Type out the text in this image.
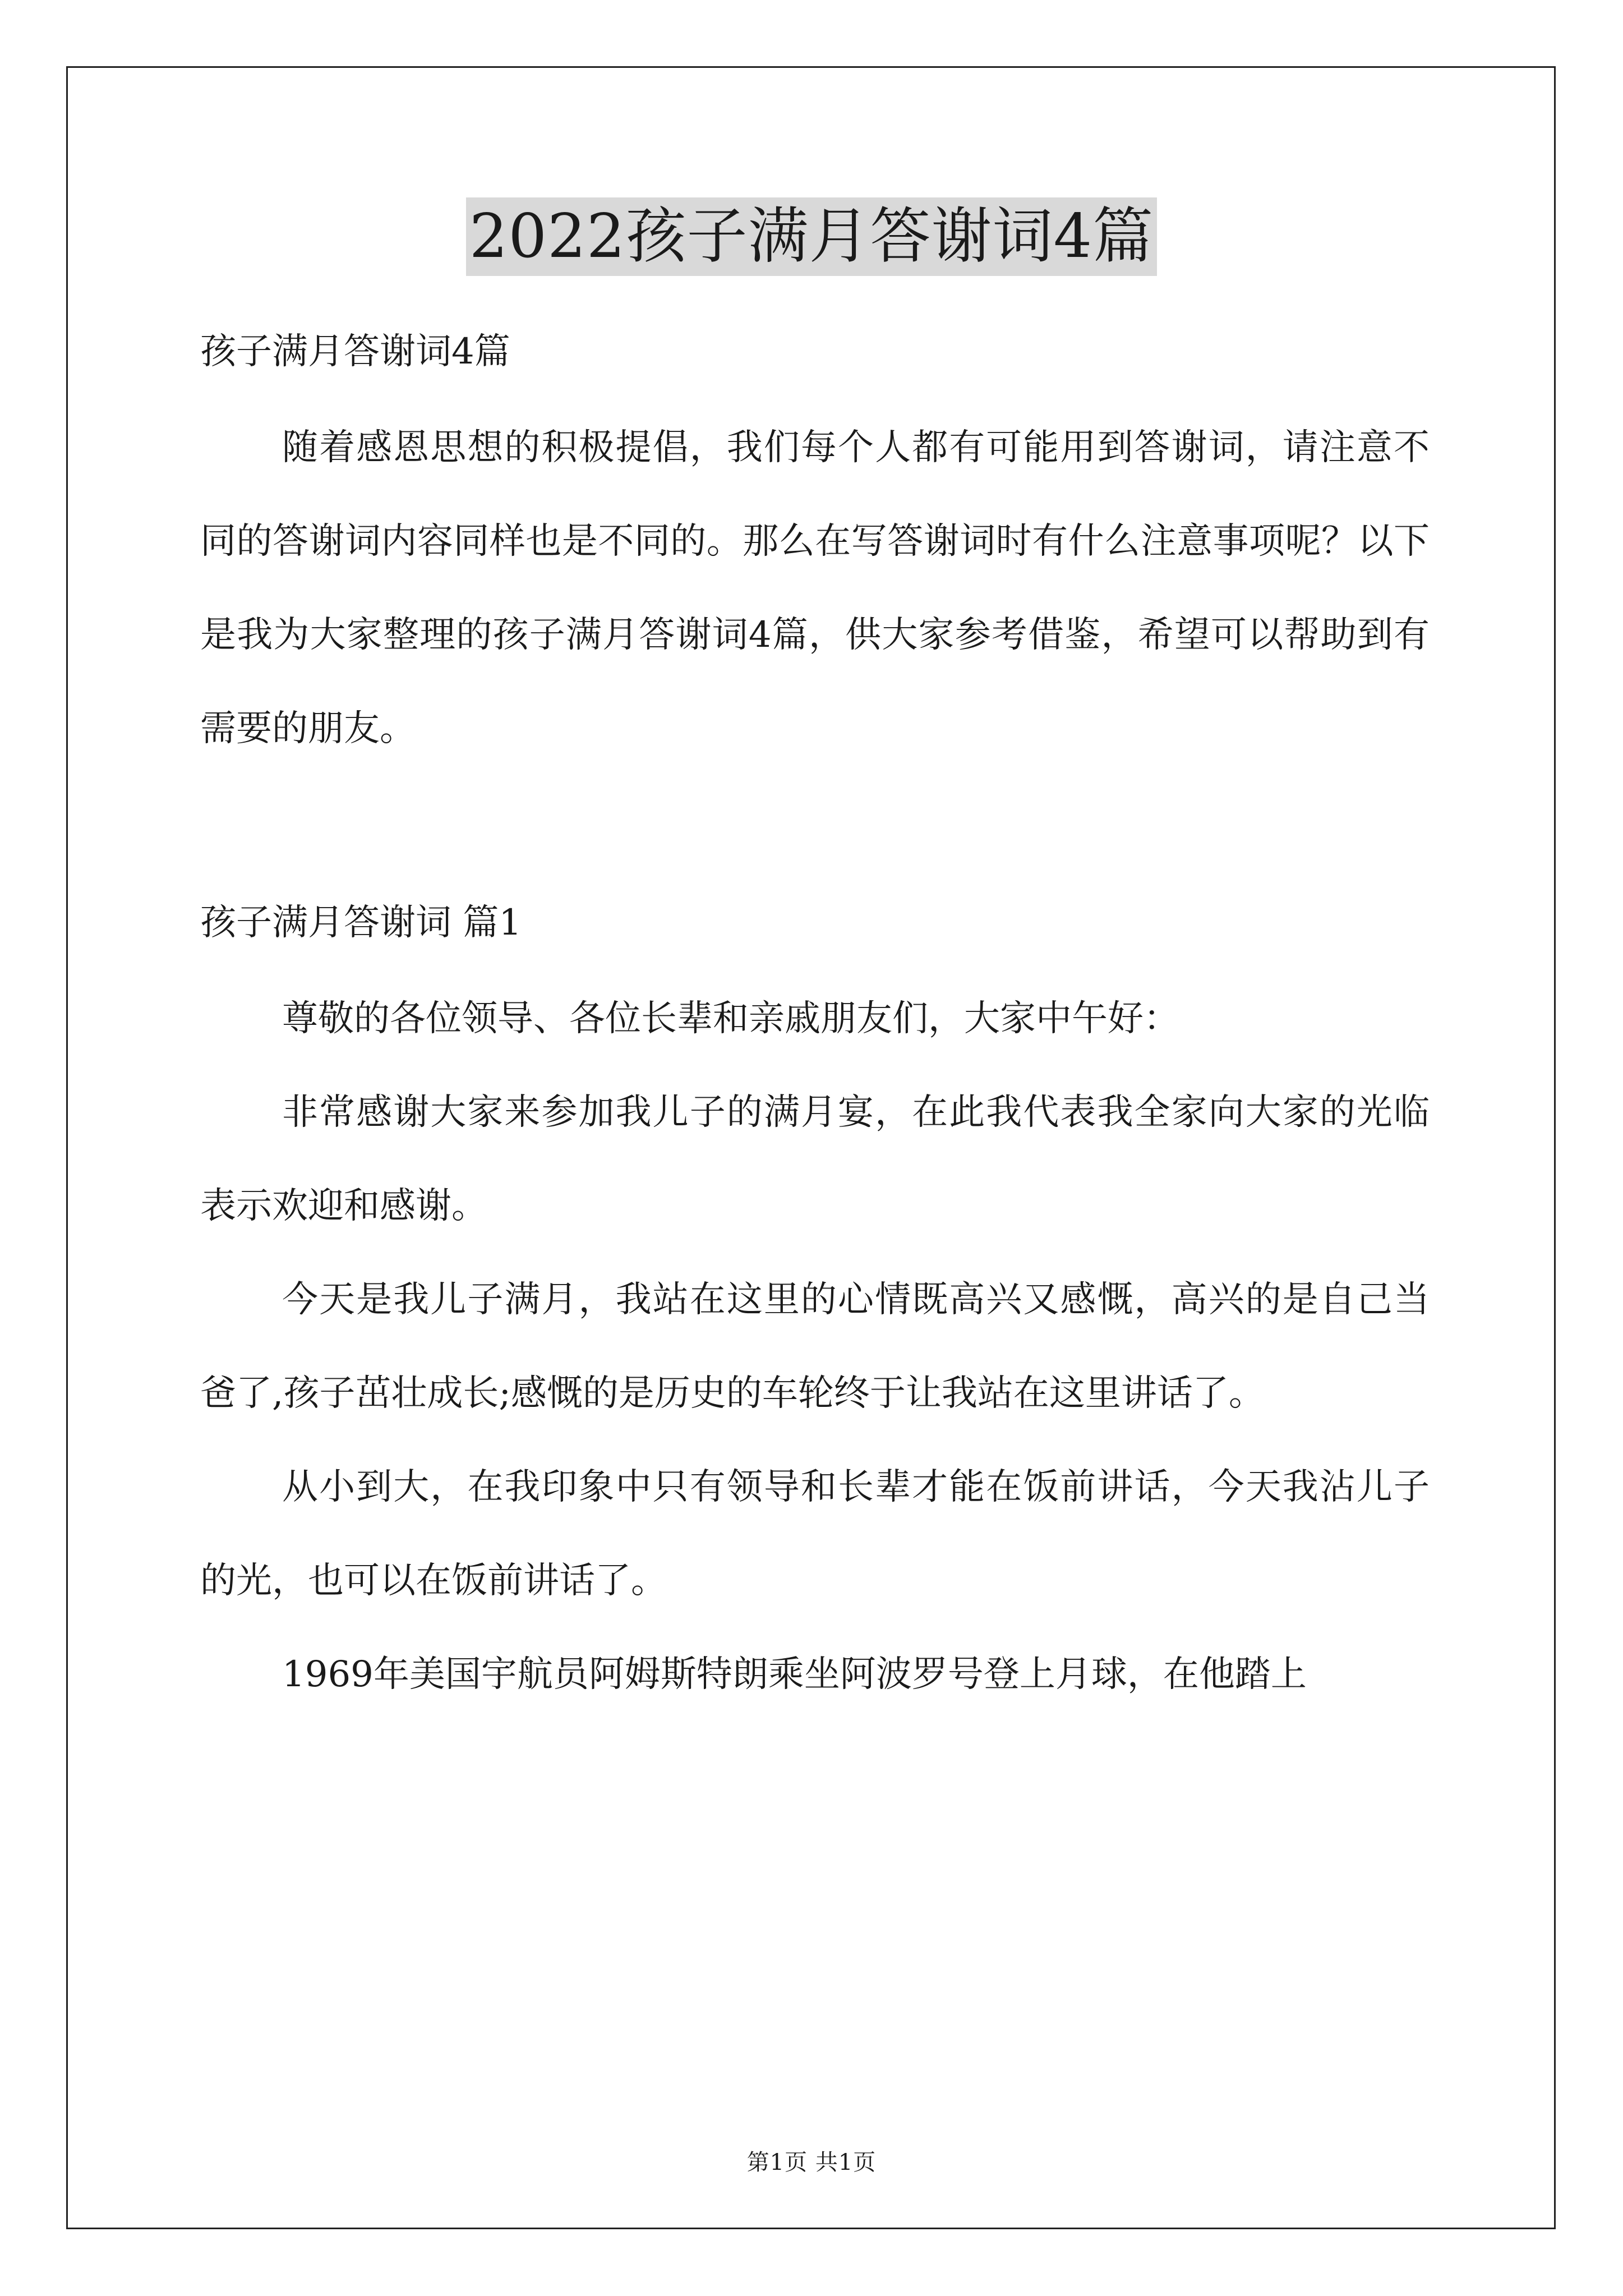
2022孩子满月答谢词4篇

孩子满月答谢词4篇

随着感恩思想的积极提倡，我们每个人都有可能用到答谢词，请注意不同的答谢词内容同样也是不同的。那么在写答谢词时有什么注意事项呢？以下是我为大家整理的孩子满月答谢词4篇，供大家参考借鉴，希望可以帮助到有需要的朋友。

孩子满月答谢词 篇1

尊敬的各位领导、各位长辈和亲戚朋友们，大家中午好：

非常感谢大家来参加我儿子的满月宴，在此我代表我全家向大家的光临表示欢迎和感谢。

今天是我儿子满月，我站在这里的心情既高兴又感慨，高兴的是自己当爸了,孩子茁壮成长;感慨的是历史的车轮终于让我站在这里讲话了。

从小到大，在我印象中只有领导和长辈才能在饭前讲话，今天我沾儿子的光，也可以在饭前讲话了。

1969年美国宇航员阿姆斯特朗乘坐阿波罗号登上月球，在他踏上

第1页 共1页
